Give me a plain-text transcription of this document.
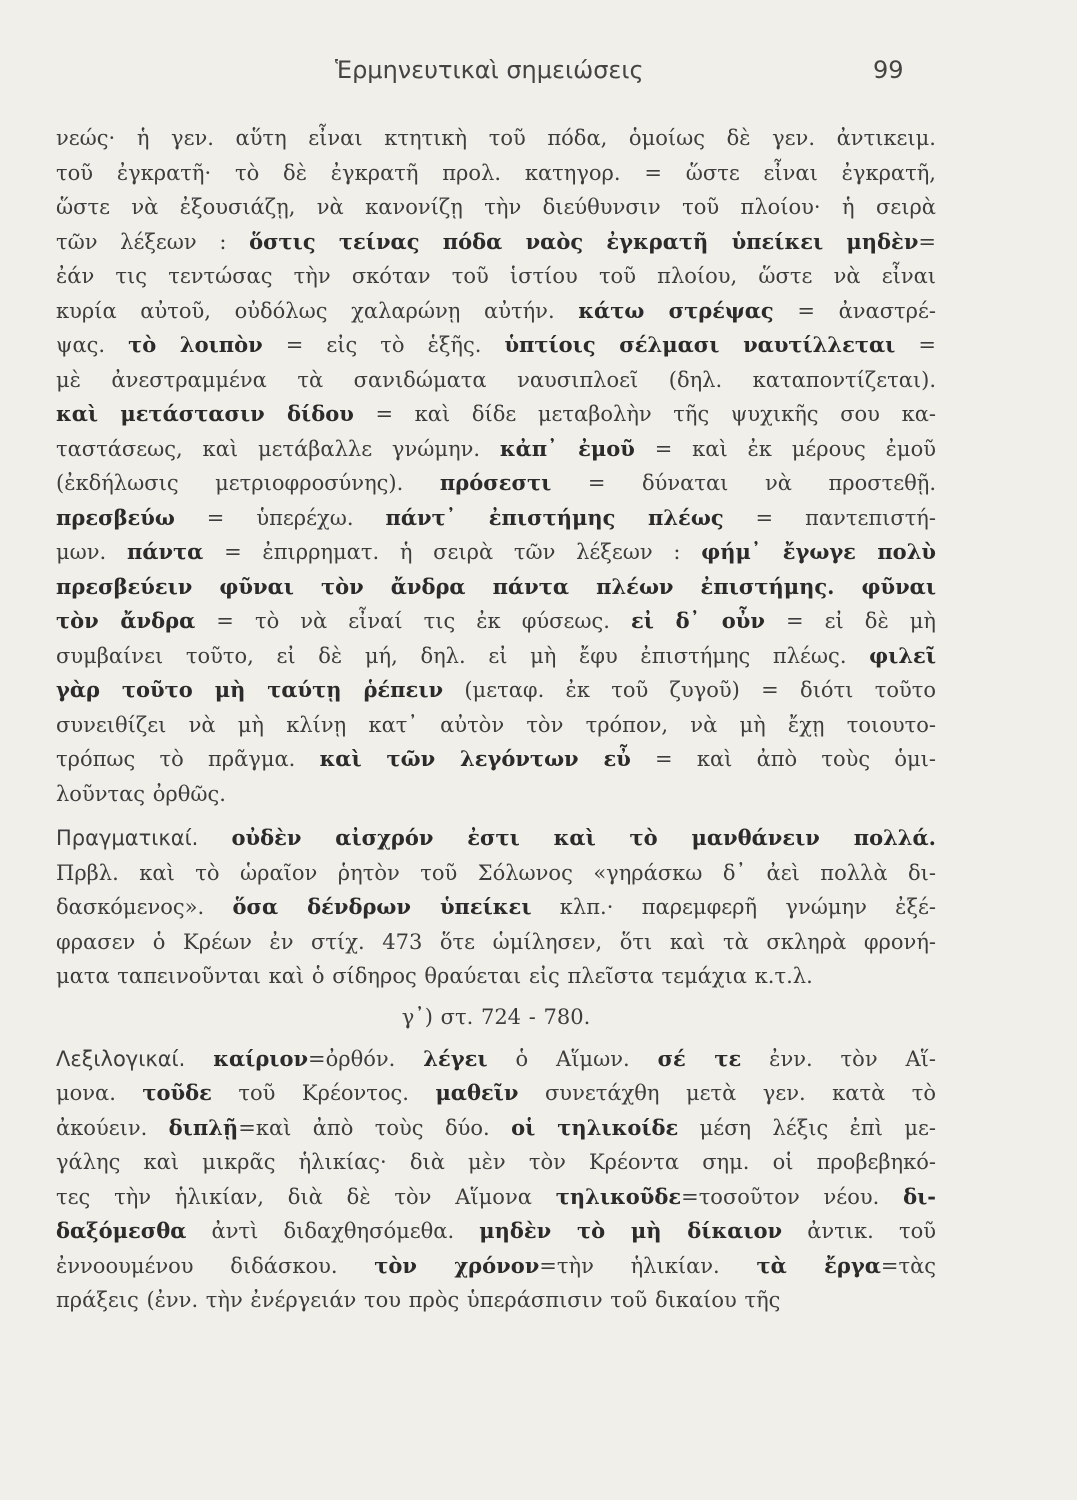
Ἑρμηνευτικαὶ σημειώσεις	99
νεώς· ἡ γεν. αὕτη εἶναι κτητικὴ τοῦ πόδα, ὁμοίως δὲ γεν. ἀντικειμ.
τοῦ ἐγκρατῆ· τὸ δὲ ἐγκρατῆ προλ. κατηγορ. = ὥστε εἶναι ἐγκρατῆ,
ὥστε νὰ ἐξουσιάζῃ, νὰ κανονίζῃ τὴν διεύθυνσιν τοῦ πλοίου· ἡ σειρὰ
τῶν λέξεων : ὅστις τείνας πόδα ναὸς ἐγκρατῆ ὑπείκει μηδὲν=
ἐάν τις τεντώσας τὴν σκόταν τοῦ ἱστίου τοῦ πλοίου, ὥστε νὰ εἶναι
κυρία αὐτοῦ, οὐδόλως χαλαρώνῃ αὐτήν. κάτω στρέψας = ἀναστρέ-
ψας. τὸ λοιπὸν = εἰς τὸ ἑξῆς. ὑπτίοις σέλμασι ναυτίλλεται =
μὲ ἀνεστραμμένα τὰ σανιδώματα ναυσιπλοεῖ (δηλ. καταποντίζεται).
καὶ μετάστασιν δίδου = καὶ δίδε μεταβολὴν τῆς ψυχικῆς σου κα-
ταστάσεως, καὶ μετάβαλλε γνώμην. κἀπ᾽ ἐμοῦ = καὶ ἐκ μέρους ἐμοῦ
(ἐκδήλωσις μετριοφροσύνης). πρόσεστι = δύναται νὰ προστεθῇ.
πρεσβεύω = ὑπερέχω. πάντ᾽ ἐπιστήμης πλέως = παντεπιστή-
μων. πάντα = ἐπιρρηματ. ἡ σειρὰ τῶν λέξεων : φήμ᾽ ἔγωγε πολὺ
πρεσβεύειν φῦναι τὸν ἄνδρα πάντα πλέων ἐπιστήμης. φῦναι
τὸν ἄνδρα = τὸ νὰ εἶναί τις ἐκ φύσεως. εἰ δ᾽ οὖν = εἰ δὲ μὴ
συμβαίνει τοῦτο, εἰ δὲ μή, δηλ. εἰ μὴ ἔφυ ἐπιστήμης πλέως. φιλεῖ
γὰρ τοῦτο μὴ ταύτῃ ῥέπειν (μεταφ. ἐκ τοῦ ζυγοῦ) = διότι τοῦτο
συνειθίζει νὰ μὴ κλίνῃ κατ᾽ αὐτὸν τὸν τρόπον, νὰ μὴ ἔχῃ τοιουτο-
τρόπως τὸ πρᾶγμα. καὶ τῶν λεγόντων εὖ = καὶ ἀπὸ τοὺς ὁμι-
λοῦντας ὀρθῶς.
Πραγματικαί. οὐδὲν αἰσχρόν ἐστι καὶ τὸ μανθάνειν πολλά.
Πρβλ. καὶ τὸ ὡραῖον ῥητὸν τοῦ Σόλωνος «γηράσκω δ᾽ ἀεὶ πολλὰ δι-
δασκόμενος». ὅσα δένδρων ὑπείκει κλπ.· παρεμφερῆ γνώμην ἐξέ-
φρασεν ὁ Κρέων ἐν στίχ. 473 ὅτε ὡμίλησεν, ὅτι καὶ τὰ σκληρὰ φρονή-
ματα ταπεινοῦνται καὶ ὁ σίδηρος θραύεται εἰς πλεῖστα τεμάχια κ.τ.λ.
γ᾽) στ. 724 - 780.
Λεξιλογικαί. καίριον=ὀρθόν. λέγει ὁ Αἵμων. σέ τε ἐνν. τὸν Αἵ-
μονα. τοῦδε τοῦ Κρέοντος. μαθεῖν συνετάχθη μετὰ γεν. κατὰ τὸ
ἀκούειν. διπλῇ=καὶ ἀπὸ τοὺς δύο. οἱ τηλικοίδε μέση λέξις ἐπὶ με-
γάλης καὶ μικρᾶς ἡλικίας· διὰ μὲν τὸν Κρέοντα σημ. οἱ προβεβηκό-
τες τὴν ἡλικίαν, διὰ δὲ τὸν Αἵμονα τηλικοῦδε=τοσοῦτον νέου. δι-
δαξόμεσθα ἀντὶ διδαχθησόμεθα. μηδὲν τὸ μὴ δίκαιον ἀντικ. τοῦ
ἐννοουμένου διδάσκου. τὸν χρόνον=τὴν ἡλικίαν. τὰ ἔργα=τὰς
πράξεις (ἐνν. τὴν ἐνέργειάν του πρὸς ὑπεράσπισιν τοῦ δικαίου τῆς
